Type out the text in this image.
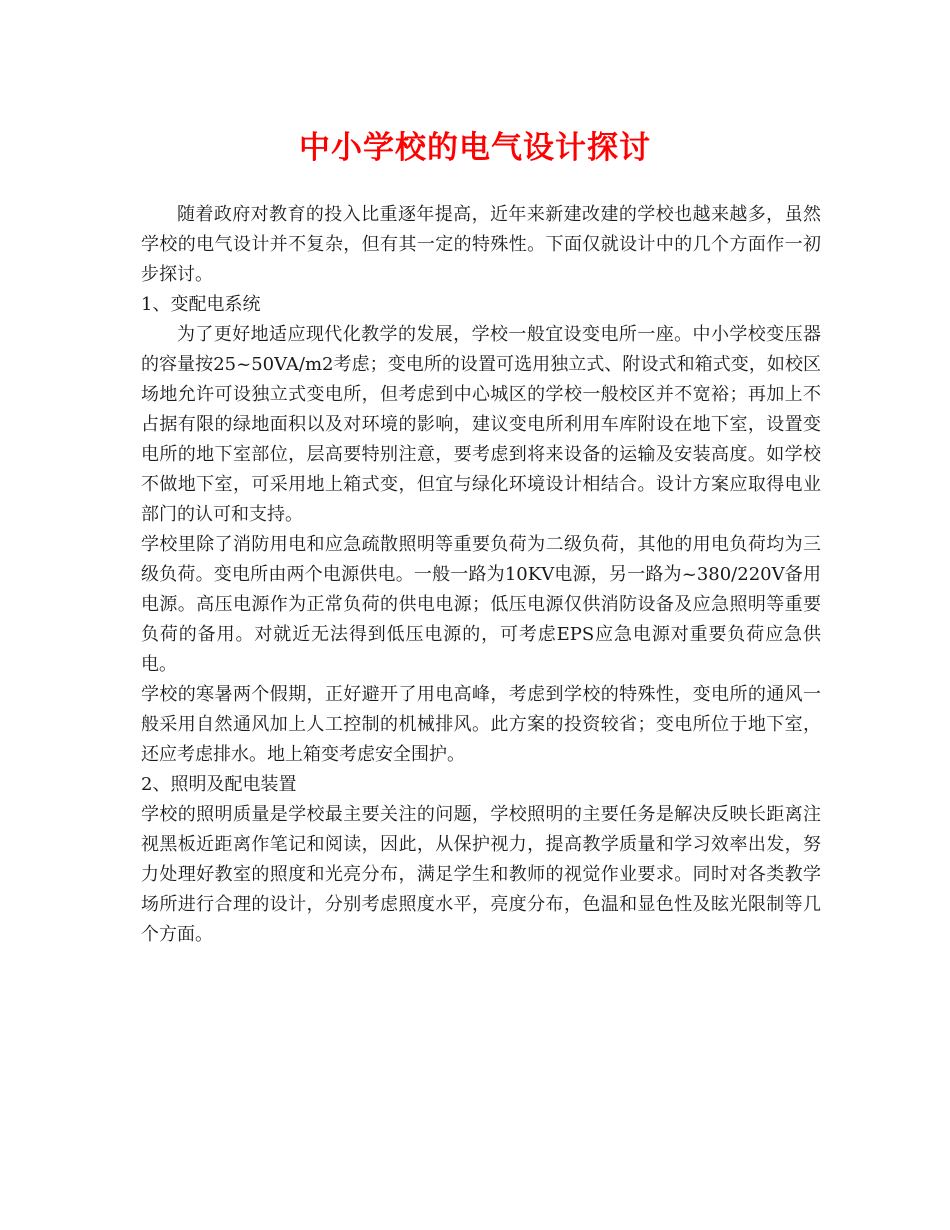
中小学校的电气设计探讨

随着政府对教育的投入比重逐年提高，近年来新建改建的学校也越来越多，虽然学校的电气设计并不复杂，但有其一定的特殊性。下面仅就设计中的几个方面作一初步探讨。

1、变配电系统

为了更好地适应现代化教学的发展，学校一般宜设变电所一座。中小学校变压器的容量按25~50VA/m2考虑；变电所的设置可选用独立式、附设式和箱式变，如校区场地允许可设独立式变电所，但考虑到中心城区的学校一般校区并不宽裕；再加上不占据有限的绿地面积以及对环境的影响，建议变电所利用车库附设在地下室，设置变电所的地下室部位，层高要特别注意，要考虑到将来设备的运输及安装高度。如学校不做地下室，可采用地上箱式变，但宜与绿化环境设计相结合。设计方案应取得电业部门的认可和支持。

学校里除了消防用电和应急疏散照明等重要负荷为二级负荷，其他的用电负荷均为三级负荷。变电所由两个电源供电。一般一路为10KV电源，另一路为~380/220V备用电源。高压电源作为正常负荷的供电电源；低压电源仅供消防设备及应急照明等重要负荷的备用。对就近无法得到低压电源的，可考虑EPS应急电源对重要负荷应急供电。

学校的寒暑两个假期，正好避开了用电高峰，考虑到学校的特殊性，变电所的通风一般采用自然通风加上人工控制的机械排风。此方案的投资较省；变电所位于地下室，还应考虑排水。地上箱变考虑安全围护。

2、照明及配电装置

学校的照明质量是学校最主要关注的问题，学校照明的主要任务是解决反映长距离注视黑板近距离作笔记和阅读，因此，从保护视力，提高教学质量和学习效率出发，努力处理好教室的照度和光亮分布，满足学生和教师的视觉作业要求。同时对各类教学场所进行合理的设计，分别考虑照度水平，亮度分布，色温和显色性及眩光限制等几个方面。
